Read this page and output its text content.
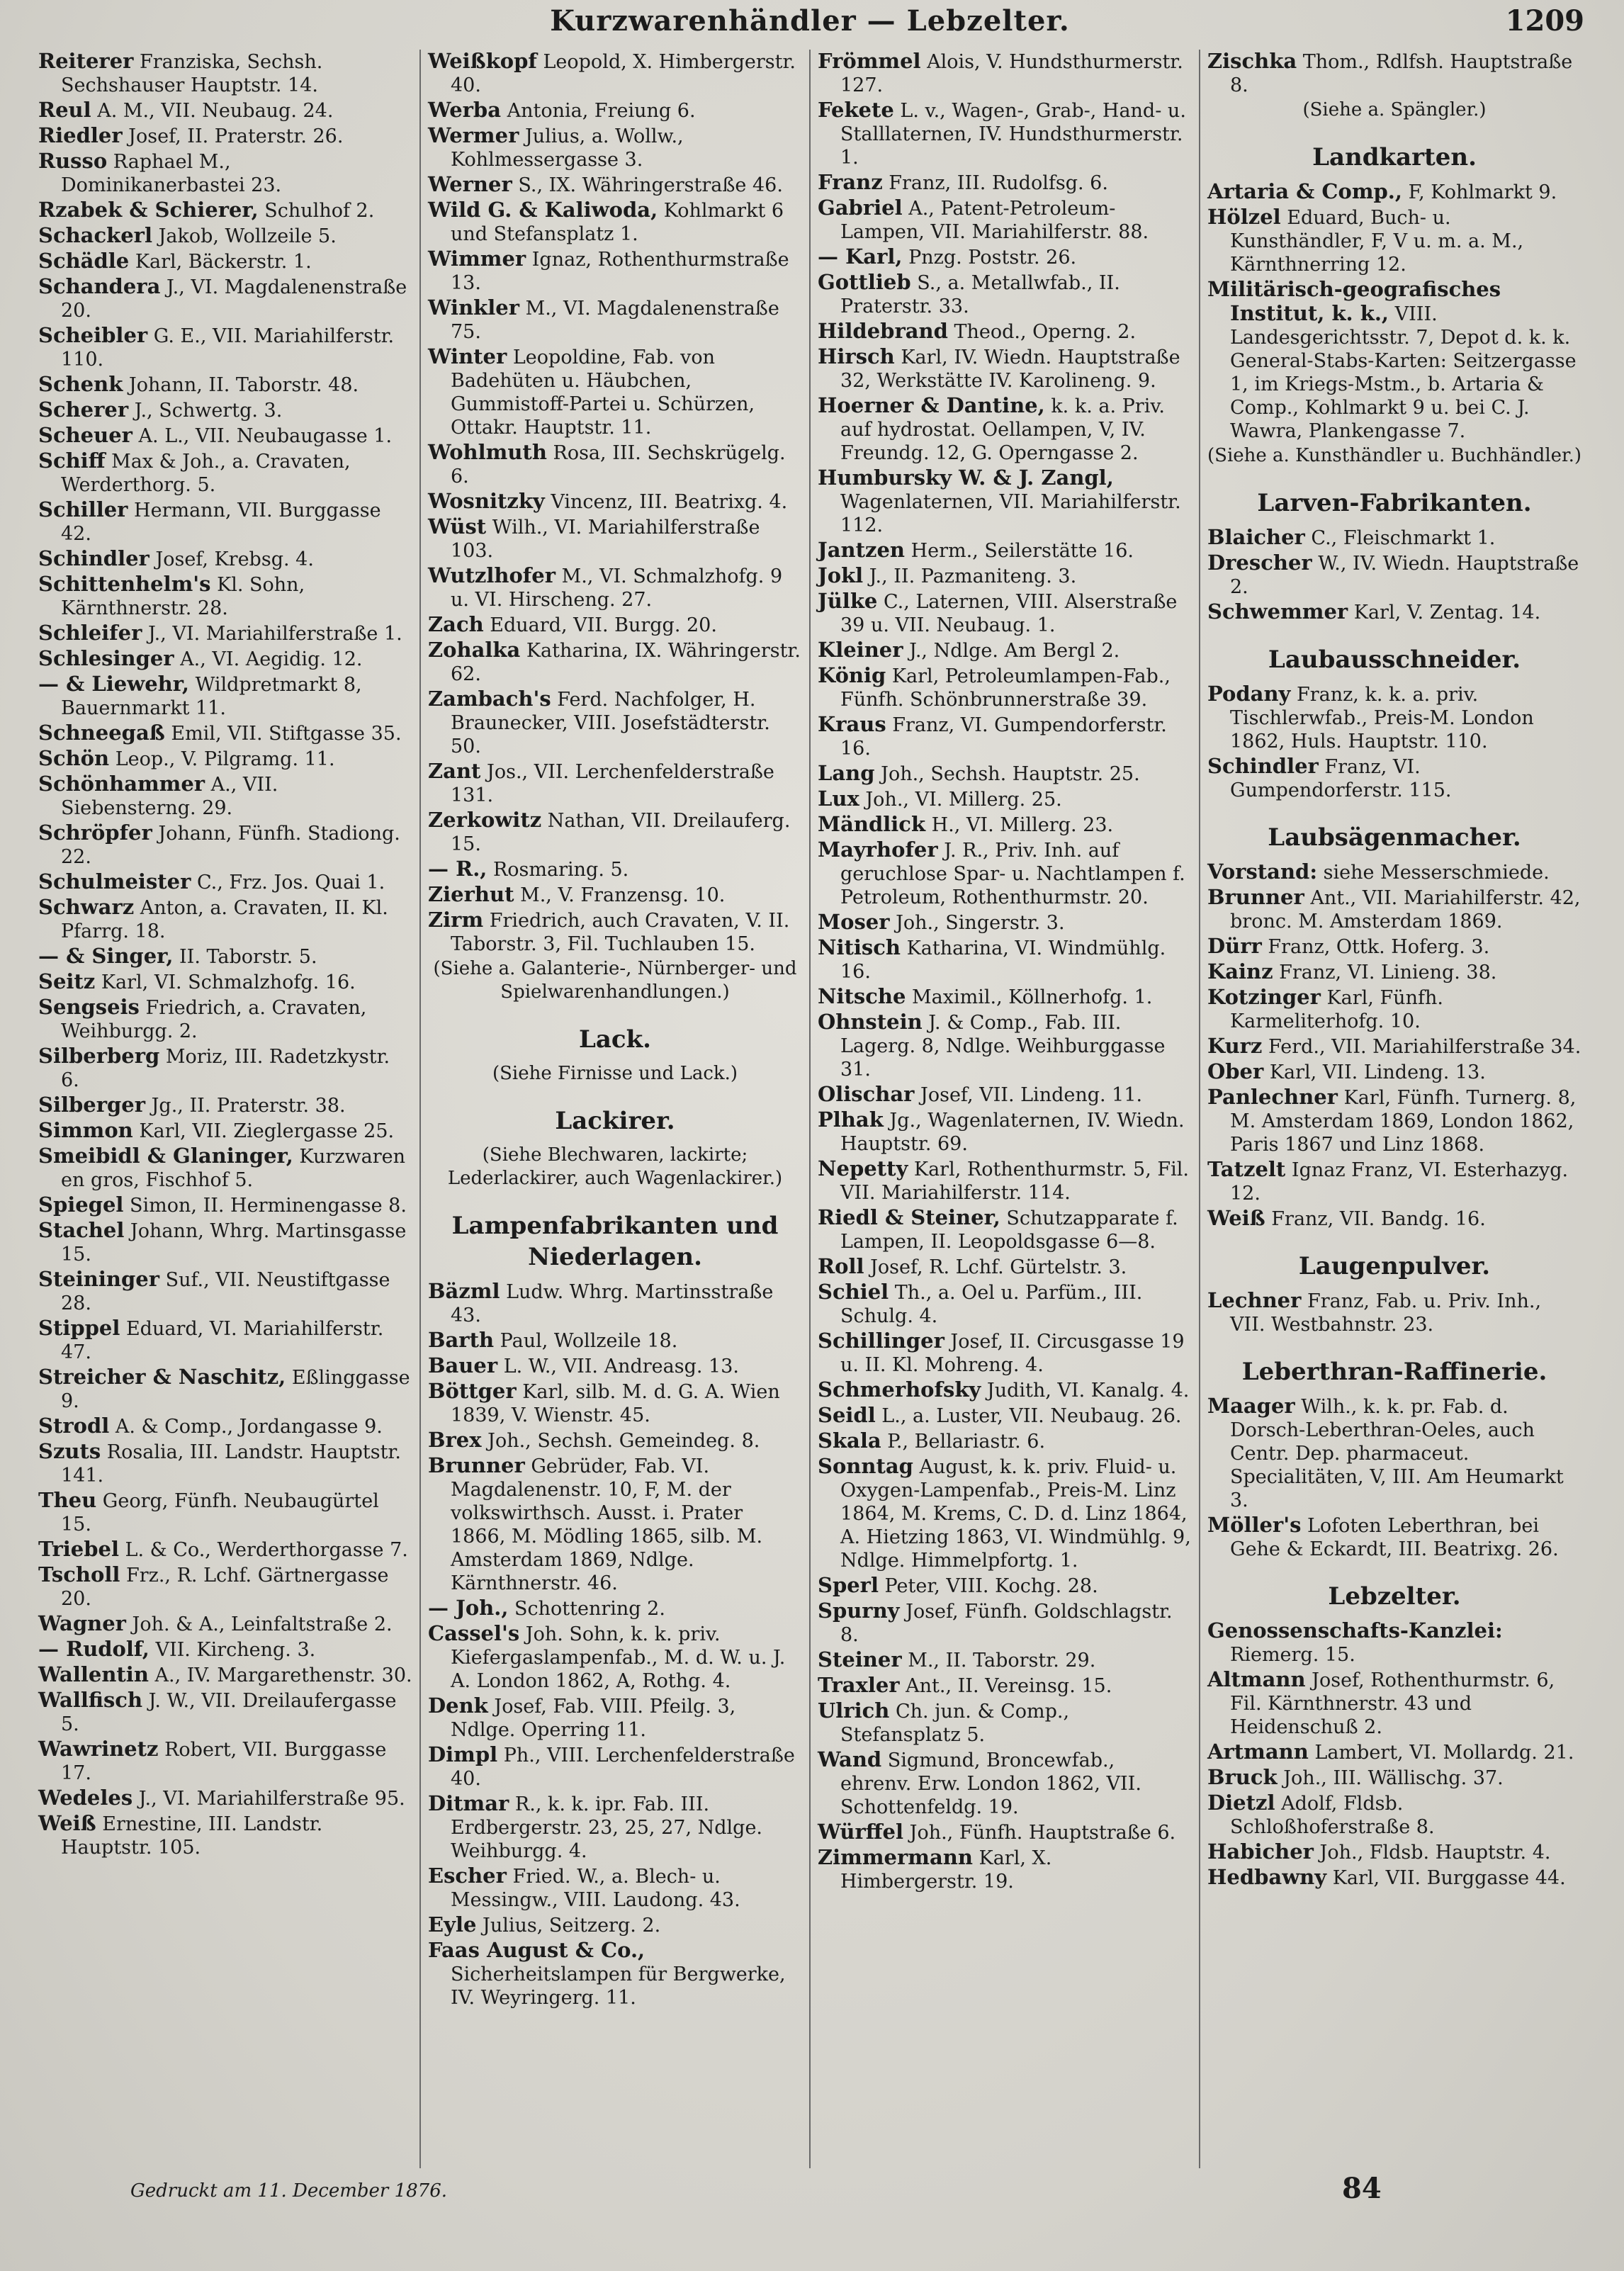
Kurzwarenhändler — Lebzelter.	1209
Reiterer Franziska, Sechsh. Sechshauser Hauptstr. 14.
Reul A. M., VII. Neubaug. 24.
Riedler Josef, II. Praterstr. 26.
Russo Raphael M., Dominikanerbastei 23.
Rzabek & Schierer, Schulhof 2.
Schackerl Jakob, Wollzeile 5.
Schädle Karl, Bäckerstr. 1.
Schandera J., VI. Magdalenenstraße 20.
Scheibler G. E., VII. Mariahilferstr. 110.
Schenk Johann, II. Taborstr. 48.
Scherer J., Schwertg. 3.
Scheuer A. L., VII. Neubaugasse 1.
Schiff Max & Joh., a. Cravaten, Werderthorg. 5.
Schiller Hermann, VII. Burggasse 42.
Schindler Josef, Krebsg. 4.
Schittenhelm's Kl. Sohn, Kärnthnerstr. 28.
Schleifer J., VI. Mariahilferstraße 1.
Schlesinger A., VI. Aegidig. 12.
— & Liewehr, Wildpretmarkt 8, Bauernmarkt 11.
Schneegaß Emil, VII. Stiftgasse 35.
Schön Leop., V. Pilgramg. 11.
Schönhammer A., VII. Siebensterng. 29.
Schröpfer Johann, Fünfh. Stadiong. 22.
Schulmeister C., Frz. Jos. Quai 1.
Schwarz Anton, a. Cravaten, II. Kl. Pfarrg. 18.
— & Singer, II. Taborstr. 5.
Seitz Karl, VI. Schmalzhofg. 16.
Sengseis Friedrich, a. Cravaten, Weihburgg. 2.
Silberberg Moriz, III. Radetzkystr. 6.
Silberger Jg., II. Praterstr. 38.
Simmon Karl, VII. Zieglergasse 25.
Smeibidl & Glaninger, Kurzwaren en gros, Fischhof 5.
Spiegel Simon, II. Herminengasse 8.
Stachel Johann, Whrg. Martinsgasse 15.
Steininger Suf., VII. Neustiftgasse 28.
Stippel Eduard, VI. Mariahilferstr. 47.
Streicher & Naschitz, Eßlinggasse 9.
Strodl A. & Comp., Jordangasse 9.
Szuts Rosalia, III. Landstr. Hauptstr. 141.
Theu Georg, Fünfh. Neubaugürtel 15.
Triebel L. & Co., Werderthorgasse 7.
Tscholl Frz., R. Lchf. Gärtnergasse 20.
Wagner Joh. & A., Leinfaltstraße 2.
— Rudolf, VII. Kircheng. 3.
Wallentin A., IV. Margarethenstr. 30.
Wallfisch J. W., VII. Dreilaufergasse 5.
Wawrinetz Robert, VII. Burggasse 17.
Wedeles J., VI. Mariahilferstraße 95.
Weiß Ernestine, III. Landstr. Hauptstr. 105.
Weißkopf Leopold, X. Himbergerstr. 40.
Werba Antonia, Freiung 6.
Wermer Julius, a. Wollw., Kohlmessergasse 3.
Werner S., IX. Währingerstraße 46.
Wild G. & Kaliwoda, Kohlmarkt 6 und Stefansplatz 1.
Wimmer Ignaz, Rothenthurmstraße 13.
Winkler M., VI. Magdalenenstraße 75.
Winter Leopoldine, Fab. von Badehüten u. Häubchen, Gummistoff-Partei u. Schürzen, Ottakr. Hauptstr. 11.
Wohlmuth Rosa, III. Sechskrügelg. 6.
Wosnitzky Vincenz, III. Beatrixg. 4.
Wüst Wilh., VI. Mariahilferstraße 103.
Wutzlhofer M., VI. Schmalzhofg. 9 u. VI. Hirscheng. 27.
Zach Eduard, VII. Burgg. 20.
Zohalka Katharina, IX. Währingerstr. 62.
Zambach's Ferd. Nachfolger, H. Braunecker, VIII. Josefstädterstr. 50.
Zant Jos., VII. Lerchenfelderstraße 131.
Zerkowitz Nathan, VII. Dreilauferg. 15.
— R., Rosmaring. 5.
Zierhut M., V. Franzensg. 10.
Zirm Friedrich, auch Cravaten, V. II. Taborstr. 3, Fil. Tuchlauben 15.
(Siehe a. Galanterie-, Nürnberger- und Spielwarenhandlungen.)
Lack.
(Siehe Firnisse und Lack.)
Lackirer.
(Siehe Blechwaren, lackirte; Lederlackirer, auch Wagenlackirer.)
Lampenfabrikanten und Niederlagen.
Bäzml Ludw. Whrg. Martinsstraße 43.
Barth Paul, Wollzeile 18.
Bauer L. W., VII. Andreasg. 13.
Böttger Karl, silb. M. d. G. A. Wien 1839, V. Wienstr. 45.
Brex Joh., Sechsh. Gemeindeg. 8.
Brunner Gebrüder, Fab. VI. Magdalenenstr. 10, F, M. der volkswirthsch. Ausst. i. Prater 1866, M. Mödling 1865, silb. M. Amsterdam 1869, Ndlge. Kärnthnerstr. 46.
— Joh., Schottenring 2.
Cassel's Joh. Sohn, k. k. priv. Kiefergaslampenfab., M. d. W. u. J. A. London 1862, A, Rothg. 4.
Denk Josef, Fab. VIII. Pfeilg. 3, Ndlge. Operring 11.
Dimpl Ph., VIII. Lerchenfelderstraße 40.
Ditmar R., k. k. ipr. Fab. III. Erdbergerstr. 23, 25, 27, Ndlge. Weihburgg. 4.
Escher Fried. W., a. Blech- u. Messingw., VIII. Laudong. 43.
Eyle Julius, Seitzerg. 2.
Faas August & Co., Sicherheitslampen für Bergwerke, IV. Weyringerg. 11.
Frömmel Alois, V. Hundsthurmerstr. 127.
Fekete L. v., Wagen-, Grab-, Hand- u. Stalllaternen, IV. Hundsthurmerstr. 1.
Franz Franz, III. Rudolfsg. 6.
Gabriel A., Patent-Petroleum-Lampen, VII. Mariahilferstr. 88.
— Karl, Pnzg. Poststr. 26.
Gottlieb S., a. Metallwfab., II. Praterstr. 33.
Hildebrand Theod., Operng. 2.
Hirsch Karl, IV. Wiedn. Hauptstraße 32, Werkstätte IV. Karolineng. 9.
Hoerner & Dantine, k. k. a. Priv. auf hydrostat. Oellampen, V, IV. Freundg. 12, G. Operngasse 2.
Humbursky W. & J. Zangl, Wagenlaternen, VII. Mariahilferstr. 112.
Jantzen Herm., Seilerstätte 16.
Jokl J., II. Pazmaniteng. 3.
Jülke C., Laternen, VIII. Alserstraße 39 u. VII. Neubaug. 1.
Kleiner J., Ndlge. Am Bergl 2.
König Karl, Petroleumlampen-Fab., Fünfh. Schönbrunnerstraße 39.
Kraus Franz, VI. Gumpendorferstr. 16.
Lang Joh., Sechsh. Hauptstr. 25.
Lux Joh., VI. Millerg. 25.
Mändlick H., VI. Millerg. 23.
Mayrhofer J. R., Priv. Inh. auf geruchlose Spar- u. Nachtlampen f. Petroleum, Rothenthurmstr. 20.
Moser Joh., Singerstr. 3.
Nitisch Katharina, VI. Windmühlg. 16.
Nitsche Maximil., Köllnerhofg. 1.
Ohnstein J. & Comp., Fab. III. Lagerg. 8, Ndlge. Weihburggasse 31.
Olischar Josef, VII. Lindeng. 11.
Plhak Jg., Wagenlaternen, IV. Wiedn. Hauptstr. 69.
Nepetty Karl, Rothenthurmstr. 5, Fil. VII. Mariahilferstr. 114.
Riedl & Steiner, Schutzapparate f. Lampen, II. Leopoldsgasse 6—8.
Roll Josef, R. Lchf. Gürtelstr. 3.
Schiel Th., a. Oel u. Parfüm., III. Schulg. 4.
Schillinger Josef, II. Circusgasse 19 u. II. Kl. Mohreng. 4.
Schmerhofsky Judith, VI. Kanalg. 4.
Seidl L., a. Luster, VII. Neubaug. 26.
Skala P., Bellariastr. 6.
Sonntag August, k. k. priv. Fluid- u. Oxygen-Lampenfab., Preis-M. Linz 1864, M. Krems, C. D. d. Linz 1864, A. Hietzing 1863, VI. Windmühlg. 9, Ndlge. Himmelpfortg. 1.
Sperl Peter, VIII. Kochg. 28.
Spurny Josef, Fünfh. Goldschlagstr. 8.
Steiner M., II. Taborstr. 29.
Traxler Ant., II. Vereinsg. 15.
Ulrich Ch. jun. & Comp., Stefansplatz 5.
Wand Sigmund, Broncewfab., ehrenv. Erw. London 1862, VII. Schottenfeldg. 19.
Würffel Joh., Fünfh. Hauptstraße 6.
Zimmermann Karl, X. Himbergerstr. 19.
Zischka Thom., Rdlfsh. Hauptstraße 8.
(Siehe a. Spängler.)
Landkarten.
Artaria & Comp., F, Kohlmarkt 9.
Hölzel Eduard, Buch- u. Kunsthändler, F, V u. m. a. M., Kärnthnerring 12.
Militärisch-geografisches Institut, k. k., VIII. Landesgerichtsstr. 7, Depot d. k. k. General-Stabs-Karten: Seitzergasse 1, im Kriegs-Mstm., b. Artaria & Comp., Kohlmarkt 9 u. bei C. J. Wawra, Plankengasse 7.
(Siehe a. Kunsthändler u. Buchhändler.)
Larven-Fabrikanten.
Blaicher C., Fleischmarkt 1.
Drescher W., IV. Wiedn. Hauptstraße 2.
Schwemmer Karl, V. Zentag. 14.
Laubausschneider.
Podany Franz, k. k. a. priv. Tischlerwfab., Preis-M. London 1862, Huls. Hauptstr. 110.
Schindler Franz, VI. Gumpendorferstr. 115.
Laubsägenmacher.
Vorstand: siehe Messerschmiede.
Brunner Ant., VII. Mariahilferstr. 42, bronc. M. Amsterdam 1869.
Dürr Franz, Ottk. Hoferg. 3.
Kainz Franz, VI. Linieng. 38.
Kotzinger Karl, Fünfh. Karmeliterhofg. 10.
Kurz Ferd., VII. Mariahilferstraße 34.
Ober Karl, VII. Lindeng. 13.
Panlechner Karl, Fünfh. Turnerg. 8, M. Amsterdam 1869, London 1862, Paris 1867 und Linz 1868.
Tatzelt Ignaz Franz, VI. Esterhazyg. 12.
Weiß Franz, VII. Bandg. 16.
Laugenpulver.
Lechner Franz, Fab. u. Priv. Inh., VII. Westbahnstr. 23.
Leberthran-Raffinerie.
Maager Wilh., k. k. pr. Fab. d. Dorsch-Leberthran-Oeles, auch Centr. Dep. pharmaceut. Specialitäten, V, III. Am Heumarkt 3.
Möller's Lofoten Leberthran, bei Gehe & Eckardt, III. Beatrixg. 26.
Lebzelter.
Genossenschafts-Kanzlei: Riemerg. 15.
Altmann Josef, Rothenthurmstr. 6, Fil. Kärnthnerstr. 43 und Heidenschuß 2.
Artmann Lambert, VI. Mollardg. 21.
Bruck Joh., III. Wällischg. 37.
Dietzl Adolf, Fldsb. Schloßhoferstraße 8.
Habicher Joh., Fldsb. Hauptstr. 4.
Hedbawny Karl, VII. Burggasse 44.
Gedruckt am 11. December 1876.	84
